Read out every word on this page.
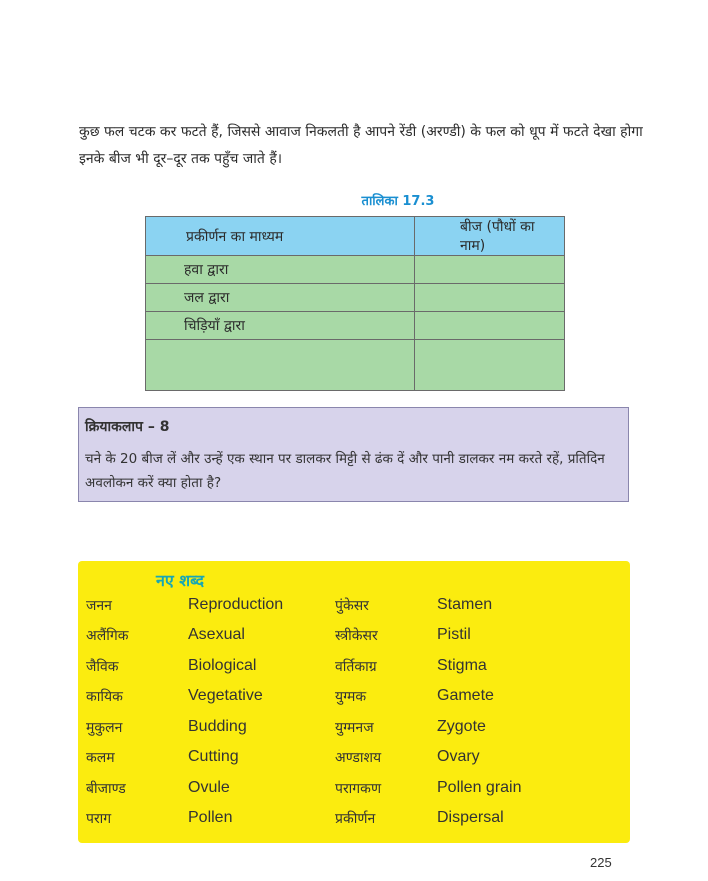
कुछ फल चटक कर फटते हैं, जिससे आवाज निकलती है आपने रेंडी (अरण्डी) के फल को धूप में फटते देखा होगा इनके बीज भी दूर–दूर तक पहुँच जाते हैं।
तालिका 17.3
प्रकीर्णन का माध्यम	बीज (पौधों का नाम)
हवा द्वारा	
जल द्वारा	
चिड़ियाँ द्वारा	

क्रियाकलाप – 8
चने के 20 बीज लें और उन्हें एक स्थान पर डालकर मिट्टी से ढंक दें और पानी डालकर नम करते रहें, प्रतिदिन अवलोकन करें क्या होता है?
नए शब्द
जनन	Reproduction	पुंकेसर	Stamen
अलैंगिक	Asexual	स्त्रीकेसर	Pistil
जैविक	Biological	वर्तिकाग्र	Stigma
कायिक	Vegetative	युग्मक	Gamete
मुकुलन	Budding	युग्मनज	Zygote
कलम	Cutting	अण्डाशय	Ovary
बीजाण्ड	Ovule	परागकण	Pollen grain
पराग	Pollen	प्रकीर्णन	Dispersal
225
